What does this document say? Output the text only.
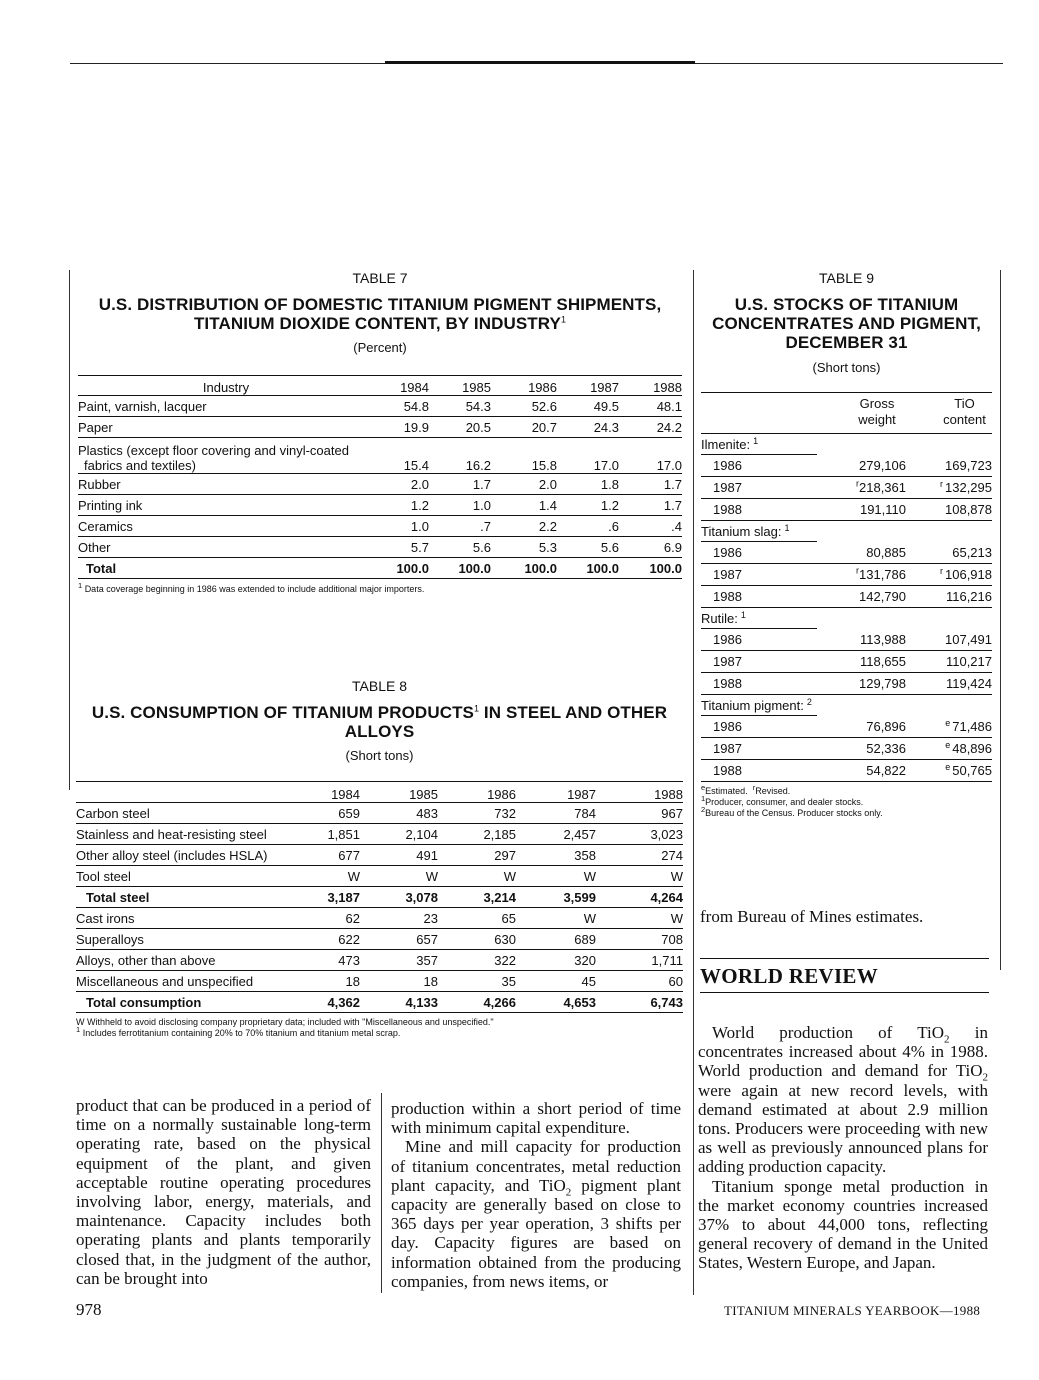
TABLE 7
U.S. DISTRIBUTION OF DOMESTIC TITANIUM PIGMENT SHIPMENTS,
TITANIUM DIOXIDE CONTENT, BY INDUSTRY$^1$
(Percent)
Industry	1984	1985	1986	1987	1988
Paint, varnish, lacquer	54.8	54.3	52.6	49.5	48.1
Paper	19.9	20.5	20.7	24.3	24.2

Plastics (except floor covering and vinyl-coated
fabrics and textiles)	15.4	16.2	15.8	17.0	17.0
Rubber	2.0	1.7	2.0	1.8	1.7
Printing ink	1.2	1.0	1.4	1.2	1.7
Ceramics	1.0	.7	2.2	.6	.4
Other	5.7	5.6	5.3	5.6	6.9
Total	100.0	100.0	100.0	100.0	100.0
$^1$ Data coverage beginning in 1986 was extended to include additional major importers.
TABLE 8
U.S. CONSUMPTION OF TITANIUM PRODUCTS$^1$ IN STEEL AND OTHER
ALLOYS
(Short tons)
	1984	1985	1986	1987	1988
Carbon steel	659	483	732	784	967
Stainless and heat-resisting steel	1,851	2,104	2,185	2,457	3,023
Other alloy steel (includes HSLA)	677	491	297	358	274
Tool steel	W	W	W	W	W
Total steel	3,187	3,078	3,214	3,599	4,264
Cast irons	62	23	65	W	W
Superalloys	622	657	630	689	708
Alloys, other than above	473	357	322	320	1,711
Miscellaneous and unspecified	18	18	35	45	60
Total consumption	4,362	4,133	4,266	4,653	6,743
W Withheld to avoid disclosing company proprietary data; included with "Miscellaneous and unspecified."
$^1$ Includes ferrotitanium containing 20% to 70% titanium and titanium metal scrap.
TABLE 9
U.S. STOCKS OF TITANIUM
CONCENTRATES AND PIGMENT,
DECEMBER 31
(Short tons)
Gross
weight
TiO
content
Ilmenite: $^1$
1986	279,106	169,723
1987	$^r$218,361	$^r$ 132,295
1988	191,110	108,878
Titanium slag: $^1$
1986	80,885	65,213
1987	$^r$131,786	$^r$ 106,918
1988	142,790	116,216
Rutile: $^1$
1986	113,988	107,491
1987	118,655	110,217
1988	129,798	119,424
Titanium pigment: $^2$
1986	76,896	$^e$ 71,486
1987	52,336	$^e$ 48,896
1988	54,822	$^e$ 50,765
$^e$Estimated. $^r$Revised.
$^1$Producer, consumer, and dealer stocks.
$^2$Bureau of the Census. Producer stocks only.
from Bureau of Mines estimates.
WORLD REVIEW

World production of TiO$_2$ in concentrates increased about 4% in 1988. World production and demand for TiO$_2$ were again at new record levels, with demand estimated at about 2.9 million tons. Producers were proceeding with new as well as previously announced plans for adding production capacity.

Titanium sponge metal production in the market economy countries increased 37% to about 44,000 tons, reflecting general recovery of demand in the United States, Western Europe, and Japan.

product that can be produced in a period of time on a normally sustainable long-term operating rate, based on the physical equipment of the plant, and given acceptable routine operating procedures involving labor, energy, materials, and maintenance. Capacity includes both operating plants and plants temporarily closed that, in the judgment of the author, can be brought into

production within a short period of time with minimum capital expenditure.

Mine and mill capacity for production of titanium concentrates, metal reduction plant capacity, and TiO$_2$ pigment plant capacity are generally based on close to 365 days per year operation, 3 shifts per day. Capacity figures are based on information obtained from the producing companies, from news items, or

978	TITANIUM MINERALS YEARBOOK—1988
